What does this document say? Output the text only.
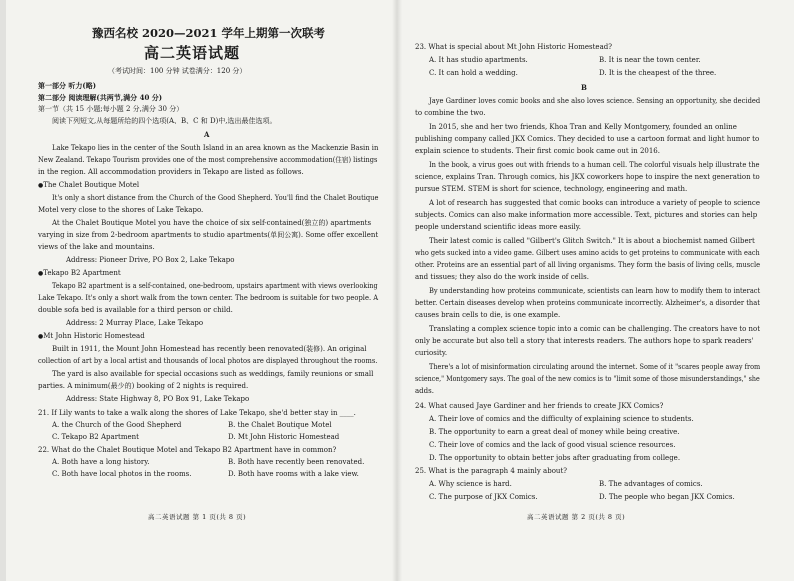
豫西名校 2020—2021 学年上期第一次联考
高二英语试题
（考试时间：100 分钟 试卷满分：120 分）
第一部分 听力(略)
第二部分 阅读理解(共两节,满分 40 分)
第一节（共 15 小题;每小题 2 分,满分 30 分）
阅读下列短文,从每题所给的四个选项(A、B、C 和 D)中,选出最佳选项。
A
Lake Tekapo lies in the center of the South Island in an area known as the Mackenzie Basin in
New Zealand. Tekapo Tourism provides one of the most comprehensive accommodation(住宿) listings
in the region. All accommodation providers in Tekapo are listed as follows.
● The Chalet Boutique Motel
It's only a short distance from the Church of the Good Shepherd. You'll find the Chalet Boutique
Motel very close to the shores of Lake Tekapo.
At the Chalet Boutique Motel you have the choice of six self-contained(独立的) apartments
varying in size from 2-bedroom apartments to studio apartments(单间公寓). Some offer excellent
views of the lake and mountains.
Address: Pioneer Drive, PO Box 2, Lake Tekapo
● Tekapo B2 Apartment
Tekapo B2 apartment is a self-contained, one-bedroom, upstairs apartment with views overlooking
Lake Tekapo. It's only a short walk from the town center. The bedroom is suitable for two people. A
double sofa bed is available for a third person or child.
Address: 2 Murray Place, Lake Tekapo
● Mt John Historic Homestead
Built in 1911, the Mount John Homestead has recently been renovated(装修). An original
collection of art by a local artist and thousands of local photos are displayed throughout the rooms.
The yard is also available for special occasions such as weddings, family reunions or small
parties. A minimum(最少的) booking of 2 nights is required.
Address: State Highway 8, PO Box 91, Lake Tekapo
21. If Lily wants to take a walk along the shores of Lake Tekapo, she'd better stay in ____.
A. the Church of the Good Shepherd	B. the Chalet Boutique Motel
C. Tekapo B2 Apartment	D. Mt John Historic Homestead
22. What do the Chalet Boutique Motel and Tekapo B2 Apartment have in common?
A. Both have a long history.	B. Both have recently been renovated.
C. Both have local photos in the rooms.	D. Both have rooms with a lake view.
高二英语试题 第 1 页(共 8 页)
23. What is special about Mt John Historic Homestead?
A. It has studio apartments.	B. It is near the town center.
C. It can hold a wedding.	D. It is the cheapest of the three.
B
Jaye Gardiner loves comic books and she also loves science. Sensing an opportunity, she decided
to combine the two.
In 2015, she and her two friends, Khoa Tran and Kelly Montgomery, founded an online
publishing company called JKX Comics. They decided to use a cartoon format and light humor to
explain science to students. Their first comic book came out in 2016.
In the book, a virus goes out with friends to a human cell. The colorful visuals help illustrate the
science, explains Tran. Through comics, his JKX coworkers hope to inspire the next generation to
pursue STEM. STEM is short for science, technology, engineering and math.
A lot of research has suggested that comic books can introduce a variety of people to science
subjects. Comics can also make information more accessible. Text, pictures and stories can help
people understand scientific ideas more easily.
Their latest comic is called "Gilbert's Glitch Switch." It is about a biochemist named Gilbert
who gets sucked into a video game. Gilbert uses amino acids to get proteins to communicate with each
other. Proteins are an essential part of all living organisms. They form the basis of living cells, muscle
and tissues; they also do the work inside of cells.
By understanding how proteins communicate, scientists can learn how to modify them to interact
better. Certain diseases develop when proteins communicate incorrectly. Alzheimer's, a disorder that
causes brain cells to die, is one example.
Translating a complex science topic into a comic can be challenging. The creators have to not
only be accurate but also tell a story that interests readers. The authors hope to spark readers'
curiosity.
There's a lot of misinformation circulating around the internet. Some of it "scares people away from
science," Montgomery says. The goal of the new comics is to "limit some of those misunderstandings," she
adds.
24. What caused Jaye Gardiner and her friends to create JKX Comics?
A. Their love of comics and the difficulty of explaining science to students.
B. The opportunity to earn a great deal of money while being creative.
C. Their love of comics and the lack of good visual science resources.
D. The opportunity to obtain better jobs after graduating from college.
25. What is the paragraph 4 mainly about?
A. Why science is hard.	B. The advantages of comics.
C. The purpose of JKX Comics.	D. The people who began JKX Comics.
高二英语试题 第 2 页(共 8 页)
